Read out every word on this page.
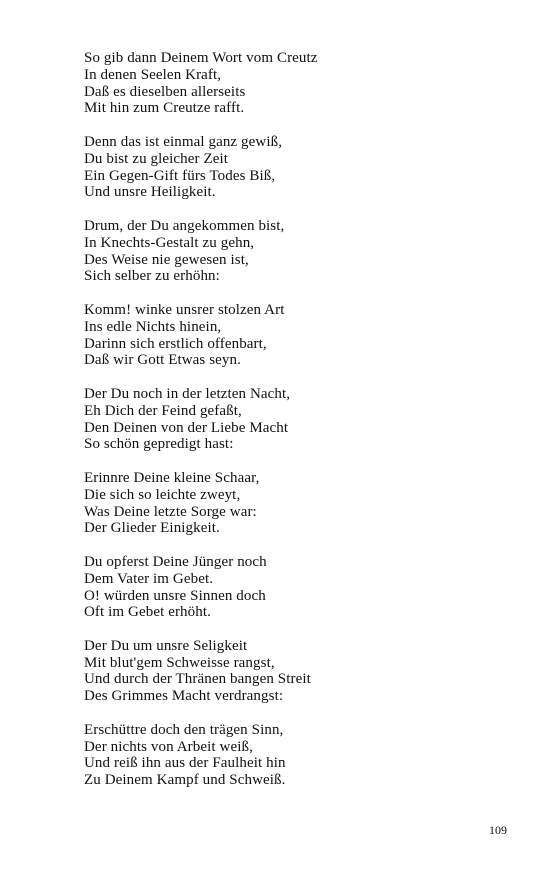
So gib dann Deinem Wort vom Creutz
In denen Seelen Kraft,
Daß es dieselben allerseits
Mit hin zum Creutze rafft.
Denn das ist einmal ganz gewiß,
Du bist zu gleicher Zeit
Ein Gegen-Gift fürs Todes Biß,
Und unsre Heiligkeit.
Drum, der Du angekommen bist,
In Knechts-Gestalt zu gehn,
Des Weise nie gewesen ist,
Sich selber zu erhöhn:
Komm! winke unsrer stolzen Art
Ins edle Nichts hinein,
Darinn sich erstlich offenbart,
Daß wir Gott Etwas seyn.
Der Du noch in der letzten Nacht,
Eh Dich der Feind gefaßt,
Den Deinen von der Liebe Macht
So schön gepredigt hast:
Erinnre Deine kleine Schaar,
Die sich so leichte zweyt,
Was Deine letzte Sorge war:
Der Glieder Einigkeit.
Du opferst Deine Jünger noch
Dem Vater im Gebet.
O! würden unsre Sinnen doch
Oft im Gebet erhöht.
Der Du um unsre Seligkeit
Mit blut'gem Schweisse rangst,
Und durch der Thränen bangen Streit
Des Grimmes Macht verdrangst:
Erschüttre doch den trägen Sinn,
Der nichts von Arbeit weiß,
Und reiß ihn aus der Faulheit hin
Zu Deinem Kampf und Schweiß.
109
